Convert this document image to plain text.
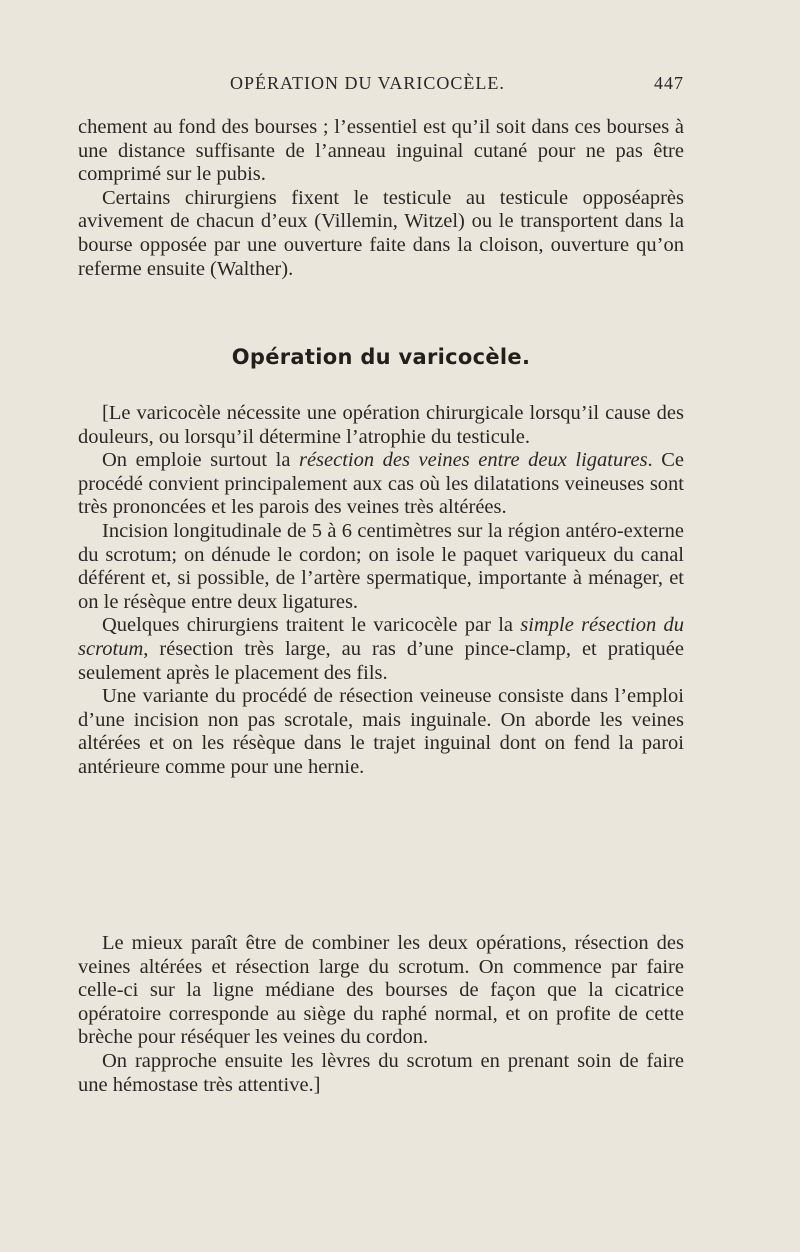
OPÉRATION DU VARICOCÈLE.	447

chement au fond des bourses ; l’essentiel est qu’il soit dans ces bourses à une distance suffisante de l’anneau inguinal cutané pour ne pas être comprimé sur le pubis.

Certains chirurgiens fixent le testicule au testicule opposéaprès avivement de chacun d’eux (Villemin, Witzel) ou le transportent dans la bourse opposée par une ouverture faite dans la cloison, ouverture qu’on referme ensuite (Walther).

Opération du varicocèle.

[Le varicocèle nécessite une opération chirurgicale lorsqu’il cause des douleurs, ou lorsqu’il détermine l’atrophie du testicule.

On emploie surtout la résection des veines entre deux ligatures. Ce procédé convient principalement aux cas où les dilatations veineuses sont très prononcées et les parois des veines très altérées.

Incision longitudinale de 5 à 6 centimètres sur la région antéro-externe du scrotum; on dénude le cordon; on isole le paquet variqueux du canal déférent et, si possible, de l’artère spermatique, importante à ménager, et on le résèque entre deux ligatures.

Quelques chirurgiens traitent le varicocèle par la simple résection du scrotum, résection très large, au ras d’une pince-clamp, et pratiquée seulement après le placement des fils.

Une variante du procédé de résection veineuse consiste dans l’emploi d’une incision non pas scrotale, mais inguinale. On aborde les veines altérées et on les résèque dans le trajet inguinal dont on fend la paroi antérieure comme pour une hernie.

Le mieux paraît être de combiner les deux opérations, résection des veines altérées et résection large du scrotum. On commence par faire celle-ci sur la ligne médiane des bourses de façon que la cicatrice opératoire corresponde au siège du raphé normal, et on profite de cette brèche pour réséquer les veines du cordon.

On rapproche ensuite les lèvres du scrotum en prenant soin de faire une hémostase très attentive.]
